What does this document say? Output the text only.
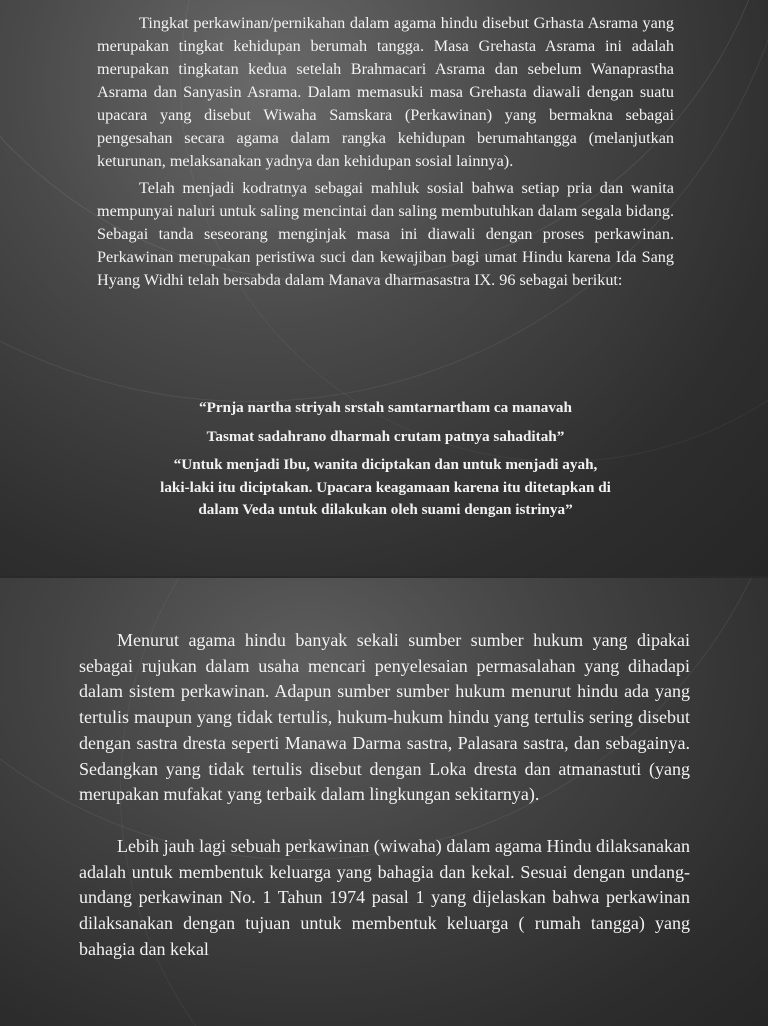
Tingkat perkawinan/pernikahan dalam agama hindu disebut Grhasta Asrama yang merupakan tingkat kehidupan berumah tangga. Masa Grehasta Asrama ini adalah merupakan tingkatan kedua setelah Brahmacari Asrama dan sebelum Wanaprastha Asrama dan Sanyasin Asrama. Dalam memasuki masa Grehasta diawali dengan suatu upacara yang disebut Wiwaha Samskara (Perkawinan) yang bermakna sebagai pengesahan secara agama dalam rangka kehidupan berumahtangga (melanjutkan keturunan, melaksanakan yadnya dan kehidupan sosial lainnya).

Telah menjadi kodratnya sebagai mahluk sosial bahwa setiap pria dan wanita mempunyai naluri untuk saling mencintai dan saling membutuhkan dalam segala bidang. Sebagai tanda seseorang menginjak masa ini diawali dengan proses perkawinan. Perkawinan merupakan peristiwa suci dan kewajiban bagi umat Hindu karena Ida Sang Hyang Widhi telah bersabda dalam Manava dharmasastra IX. 96 sebagai berikut:

“Prnja nartha striyah srstah samtarnartham ca manavah

Tasmat sadahrano dharmah crutam patnya sahaditah”

“Untuk menjadi Ibu, wanita diciptakan dan untuk menjadi ayah,

laki-laki itu diciptakan. Upacara keagamaan karena itu ditetapkan di

dalam Veda untuk dilakukan oleh suami dengan istrinya”

Menurut agama hindu banyak sekali sumber sumber hukum yang dipakai sebagai rujukan dalam usaha mencari penyelesaian permasalahan yang dihadapi dalam sistem perkawinan. Adapun sumber sumber hukum menurut hindu ada yang tertulis maupun yang tidak tertulis, hukum-hukum hindu yang tertulis sering disebut dengan sastra dresta seperti Manawa Darma sastra, Palasara sastra, dan sebagainya. Sedangkan yang tidak tertulis disebut dengan Loka dresta dan atmanastuti (yang merupakan mufakat yang terbaik dalam lingkungan sekitarnya).

Lebih jauh lagi sebuah perkawinan (wiwaha) dalam agama Hindu dilaksanakan adalah untuk membentuk keluarga yang bahagia dan kekal. Sesuai dengan undang-undang perkawinan No. 1 Tahun 1974 pasal 1 yang dijelaskan bahwa perkawinan dilaksanakan dengan tujuan untuk membentuk keluarga ( rumah tangga) yang bahagia dan kekal
